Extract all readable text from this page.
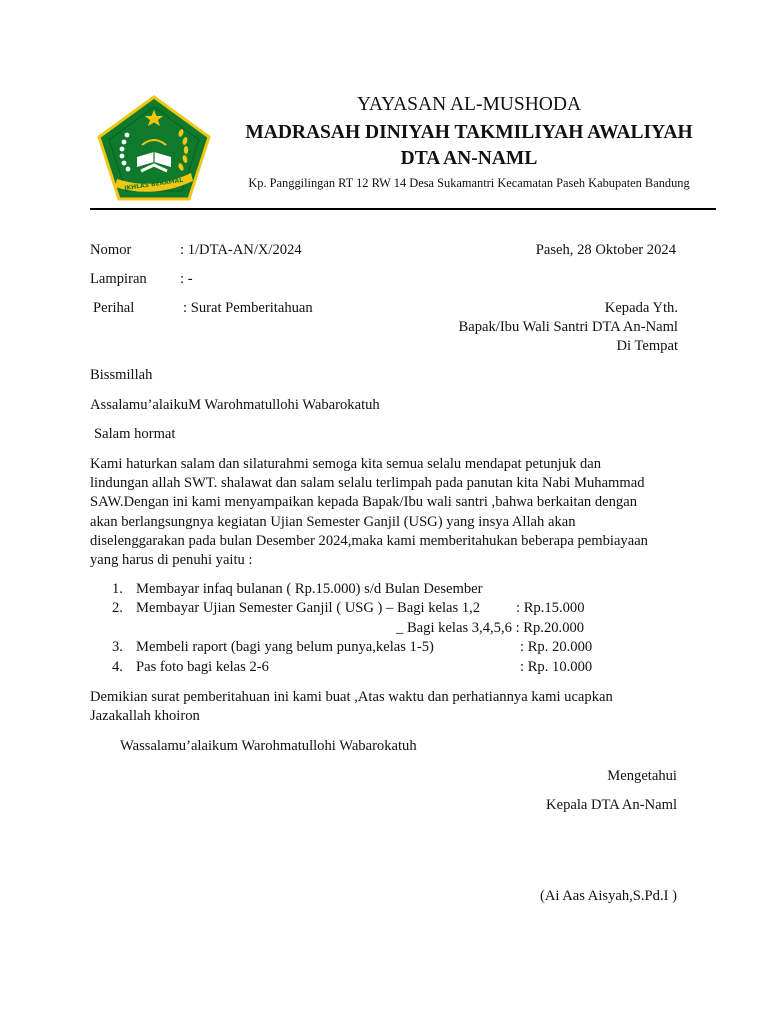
IKHLAS BERAMAL
YAYASAN AL-MUSHODA
MADRASAH DINIYAH TAKMILIYAH AWALIYAH
DTA AN-NAML
Kp. Panggilingan RT 12 RW 14 Desa Sukamantri Kecamatan Paseh Kabupaten Bandung
Nomor	: 1/DTA-AN/X/2024	Paseh, 28 Oktober 2024
Lampiran : -
Perihal	: Surat Pemberitahuan	Kepada Yth.
Bapak/Ibu Wali Santri DTA An-Naml
Di Tempat
Bissmillah
Assalamu’alaikuM Warohmatullohi Wabarokatuh
Salam hormat
Kami haturkan salam dan silaturahmi semoga kita semua selalu mendapat petunjuk dan
lindungan allah SWT. shalawat dan salam selalu terlimpah pada panutan kita Nabi Muhammad
SAW.Dengan ini kami menyampaikan kepada Bapak/Ibu wali santri ,bahwa berkaitan dengan
akan berlangsungnya kegiatan Ujian Semester Ganjil (USG) yang insya Allah akan
diselenggarakan pada bulan Desember 2024,maka kami memberitahukan beberapa pembiayaan
yang harus di penuhi yaitu :
1. Membayar infaq bulanan ( Rp.15.000) s/d Bulan Desember
2. Membayar Ujian Semester Ganjil ( USG ) – Bagi kelas 1,2 : Rp.15.000
_ Bagi kelas 3,4,5,6 : Rp.20.000
3. Membeli raport (bagi yang belum punya,kelas 1-5)	: Rp. 20.000
4. Pas foto bagi kelas 2-6	: Rp. 10.000
Demikian surat pemberitahuan ini kami buat ,Atas waktu dan perhatiannya kami ucapkan
Jazakallah khoiron
Wassalamu’alaikum Warohmatullohi Wabarokatuh
Mengetahui
Kepala DTA An-Naml
(Ai Aas Aisyah,S.Pd.I )
